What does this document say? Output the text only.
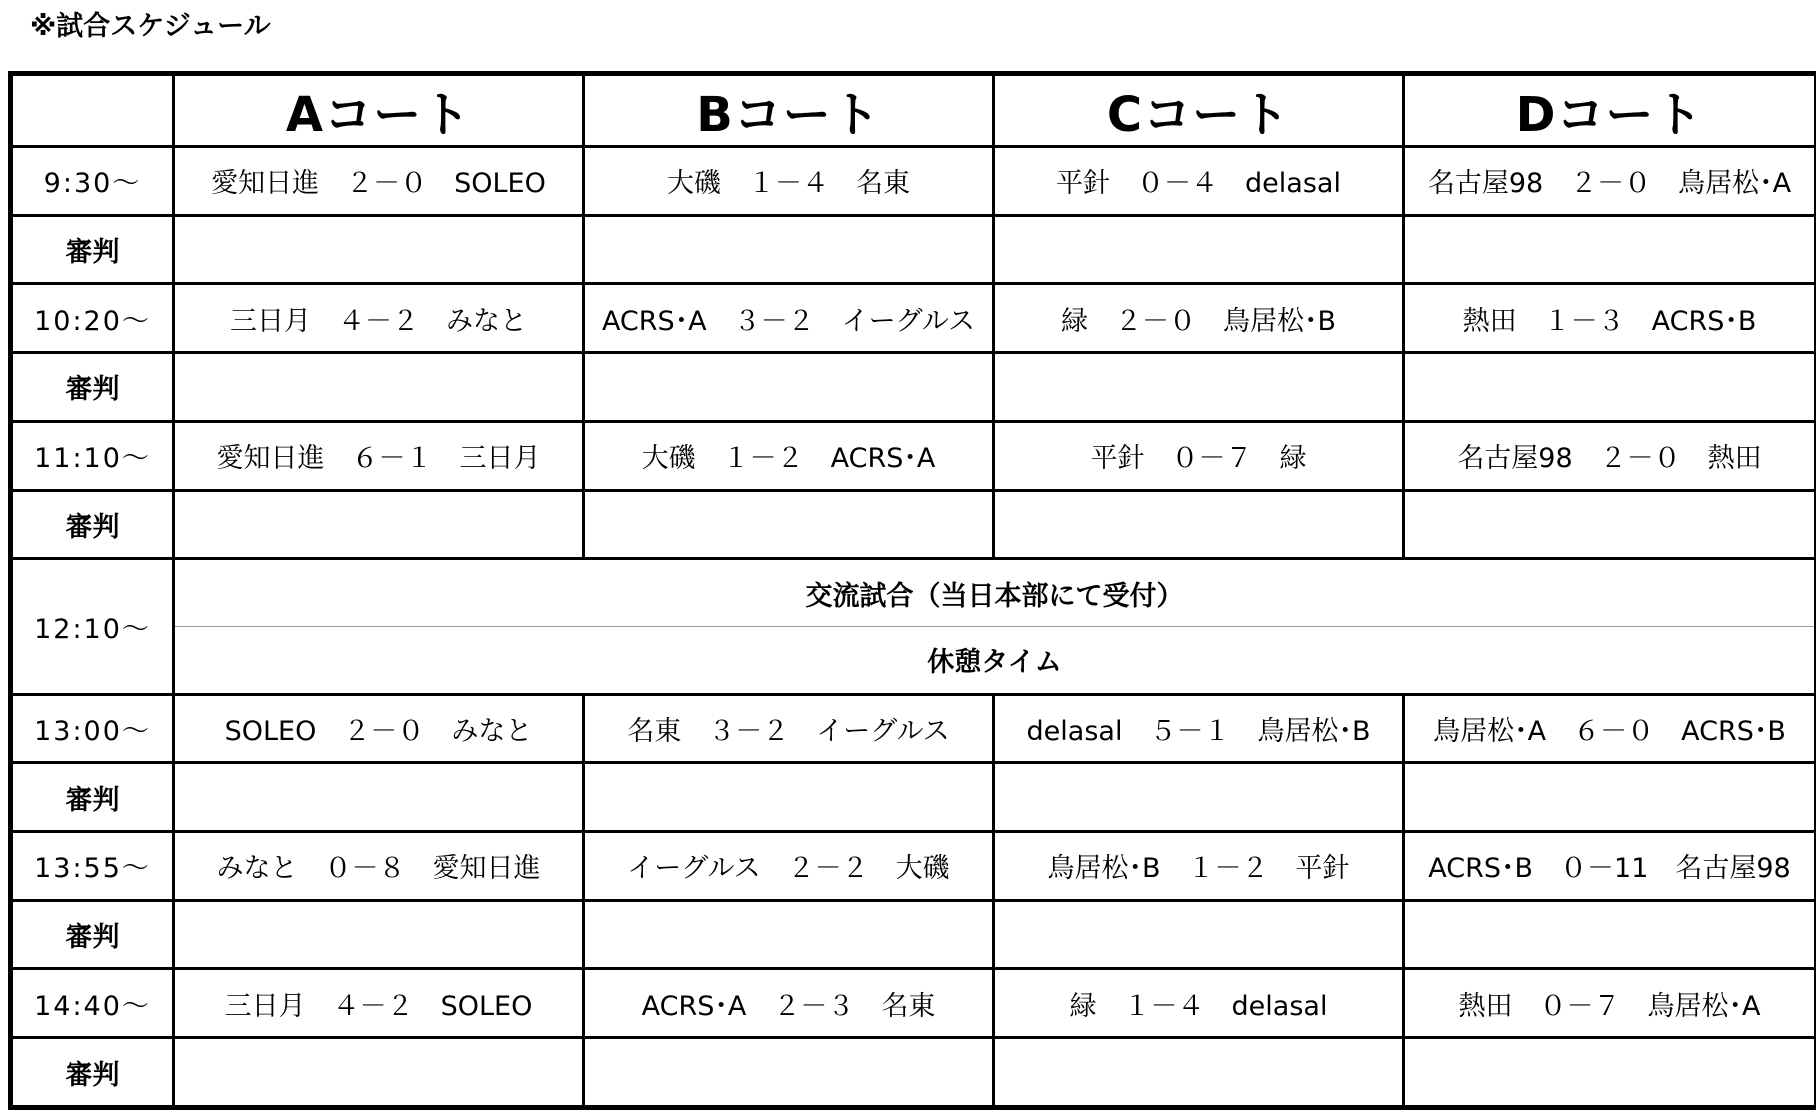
※試合スケジュール
	Aコート	Bコート	Cコート	Dコート
9:30〜	愛知日進　２－０　SOLEO	大磯　１－４　名東	平針　０－４　delasal	名古屋98　２－０　鳥居松･A
審判				
10:20〜	三日月　４－２　みなと	ACRS･A　３－２　イーグルス	緑　２－０　鳥居松･B	熱田　１－３　ACRS･B
審判				
11:10〜	愛知日進　６－１　三日月	大磯　１－２　ACRS･A	平針　０－７　緑	名古屋98　２－０　熱田
審判				
12:10〜	交流試合（当日本部にて受付）			
	休憩タイム			
13:00〜	SOLEO　２－０　みなと	名東　３－２　イーグルス	delasal　５－１　鳥居松･B	鳥居松･A　６－０　ACRS･B
審判				
13:55〜	みなと　０－８　愛知日進	イーグルス　２－２　大磯	鳥居松･B　１－２　平針	ACRS･B　０－11　名古屋98
審判				
14:40〜	三日月　４－２　SOLEO	ACRS･A　２－３　名東	緑　１－４　delasal	熱田　０－７　鳥居松･A
審判				
